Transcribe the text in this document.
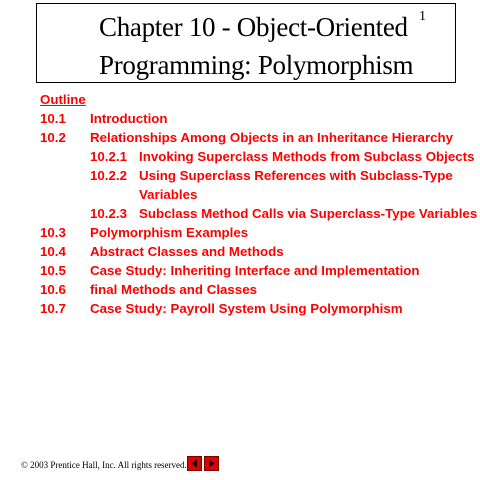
Chapter 10 - Object-Oriented
Programming: Polymorphism
1
Outline
10.1 Introduction
10.2 Relationships Among Objects in an Inheritance Hierarchy
10.2.1 Invoking Superclass Methods from Subclass Objects
10.2.2 Using Superclass References with Subclass-Type
Variables
10.2.3 Subclass Method Calls via Superclass-Type Variables
10.3 Polymorphism Examples
10.4 Abstract Classes and Methods
10.5 Case Study: Inheriting Interface and Implementation
10.6 final Methods and Classes
10.7 Case Study: Payroll System Using Polymorphism
© 2003 Prentice Hall, Inc. All rights reserved.
